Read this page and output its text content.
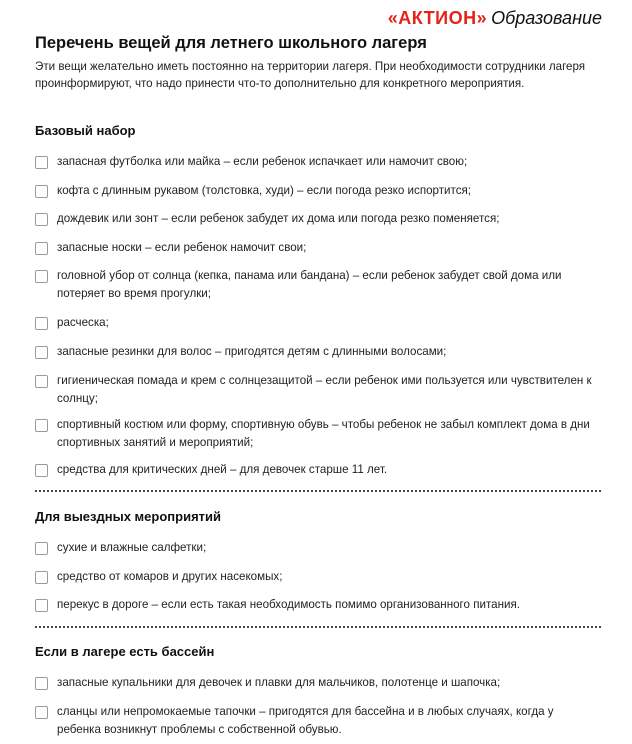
«АКТИОН» Образование
Перечень вещей для летнего школьного лагеря
Эти вещи желательно иметь постоянно на территории лагеря. При необходимости сотрудники лагеря проинформируют, что надо принести что-то дополнительно для конкретного мероприятия.
Базовый набор
запасная футболка или майка – если ребенок испачкает или намочит свою;
кофта с длинным рукавом (толстовка, худи) – если погода резко испортится;
дождевик или зонт – если ребенок забудет их дома или погода резко поменяется;
запасные носки – если ребенок намочит свои;
головной убор от солнца (кепка, панама или бандана) – если ребенок забудет свой дома или потеряет во время прогулки;
расческа;
запасные резинки для волос – пригодятся детям с длинными волосами;
гигиеническая помада и крем с солнцезащитой – если ребенок ими пользуется или чувствителен к солнцу;
спортивный костюм или форму, спортивную обувь – чтобы ребенок не забыл комплект дома в дни спортивных занятий и мероприятий;
средства для критических дней – для девочек старше 11 лет.
Для выездных мероприятий
сухие и влажные салфетки;
средство от комаров и других насекомых;
перекус в дороге – если есть такая необходимость помимо организованного питания.
Если в лагере есть бассейн
запасные купальники для девочек и плавки для мальчиков, полотенце и шапочка;
сланцы или непромокаемые тапочки – пригодятся для бассейна и в любых случаях, когда у ребенка возникнут проблемы с собственной обувью.
